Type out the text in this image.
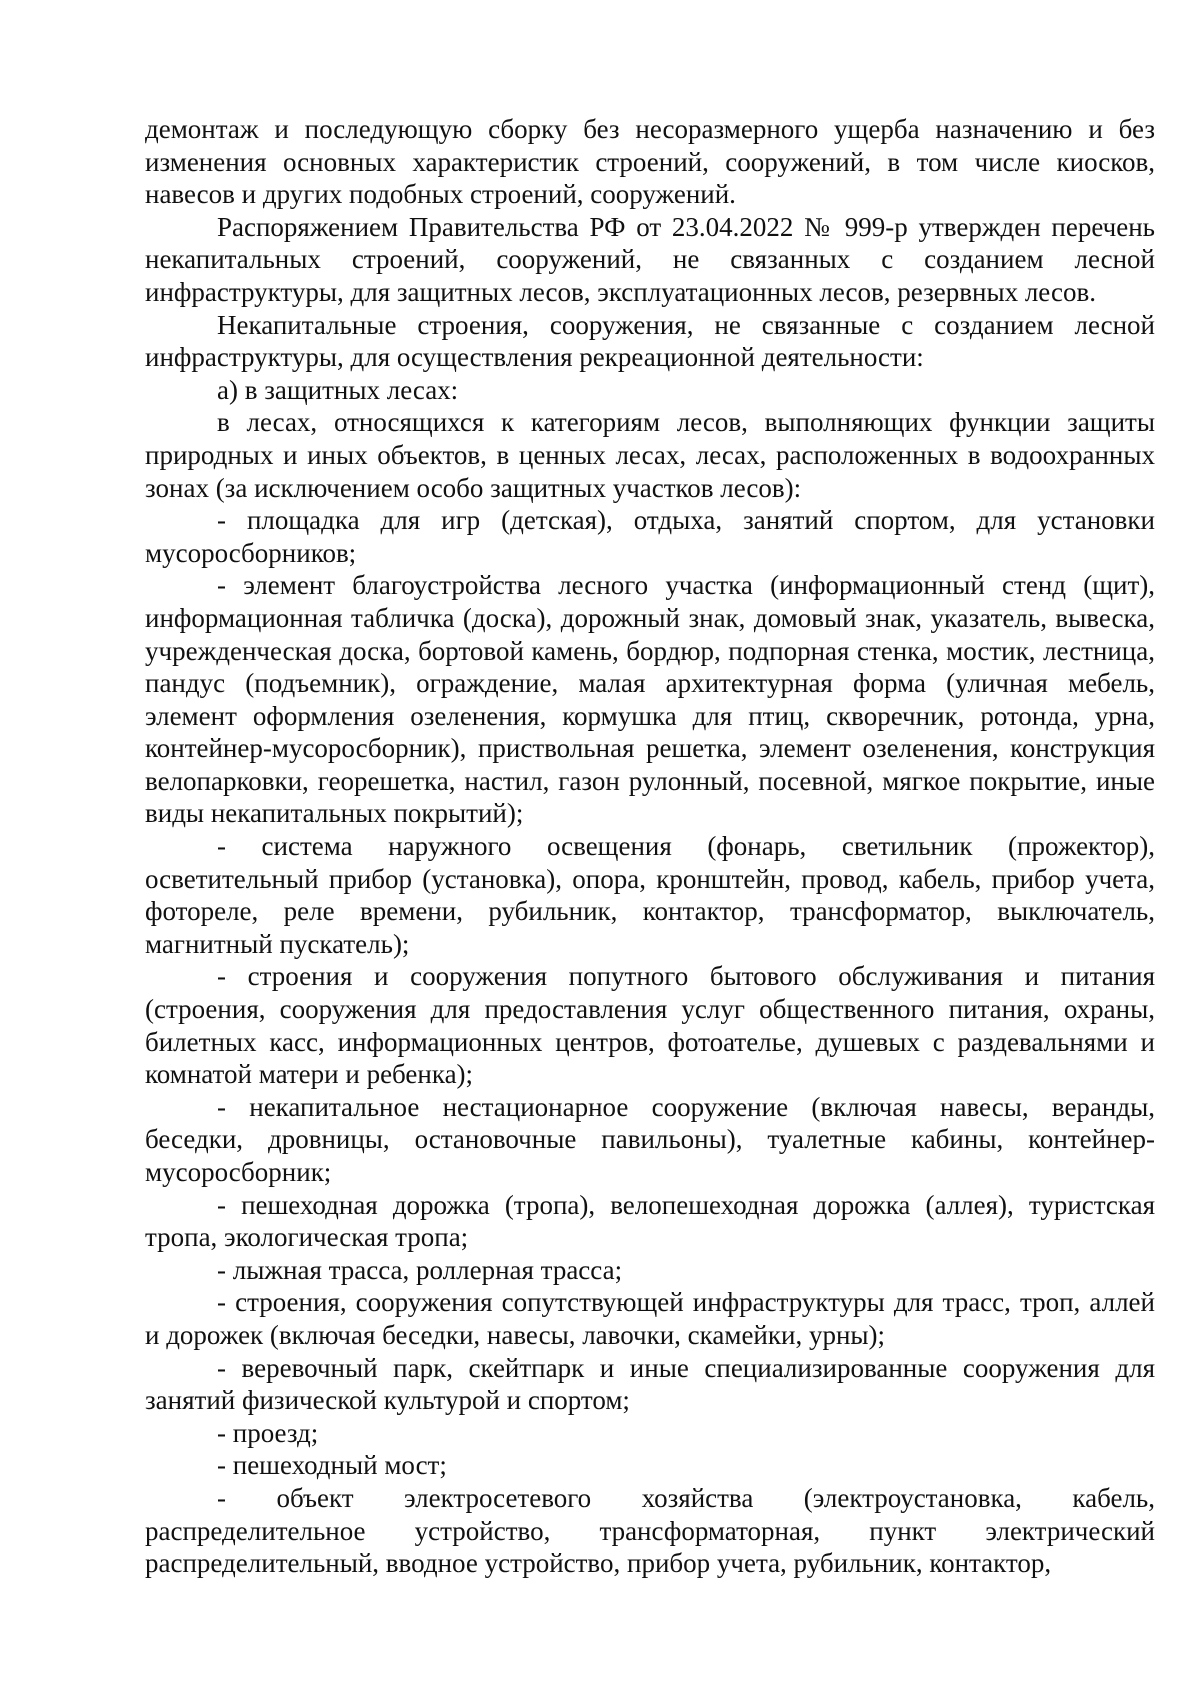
демонтаж и последующую сборку без несоразмерного ущерба назначению и без изменения основных характеристик строений, сооружений, в том числе киосков, навесов и других подобных строений, сооружений.

Распоряжением Правительства РФ от 23.04.2022 № 999-р утвержден перечень некапитальных строений, сооружений, не связанных с созданием лесной инфраструктуры, для защитных лесов, эксплуатационных лесов, резервных лесов.

Некапитальные строения, сооружения, не связанные с созданием лесной инфраструктуры, для осуществления рекреационной деятельности:

а) в защитных лесах:

в лесах, относящихся к категориям лесов, выполняющих функции защиты природных и иных объектов, в ценных лесах, лесах, расположенных в водоохранных зонах (за исключением особо защитных участков лесов):

- площадка для игр (детская), отдыха, занятий спортом, для установки мусоросборников;

- элемент благоустройства лесного участка (информационный стенд (щит), информационная табличка (доска), дорожный знак, домовый знак, указатель, вывеска, учрежденческая доска, бортовой камень, бордюр, подпорная стенка, мостик, лестница, пандус (подъемник), ограждение, малая архитектурная форма (уличная мебель, элемент оформления озеленения, кормушка для птиц, скворечник, ротонда, урна, контейнер-мусоросборник), приствольная решетка, элемент озеленения, конструкция велопарковки, георешетка, настил, газон рулонный, посевной, мягкое покрытие, иные виды некапитальных покрытий);

- система наружного освещения (фонарь, светильник (прожектор), осветительный прибор (установка), опора, кронштейн, провод, кабель, прибор учета, фотореле, реле времени, рубильник, контактор, трансформатор, выключатель, магнитный пускатель);

- строения и сооружения попутного бытового обслуживания и питания (строения, сооружения для предоставления услуг общественного питания, охраны, билетных касс, информационных центров, фотоателье, душевых с раздевальнями и комнатой матери и ребенка);

- некапитальное нестационарное сооружение (включая навесы, веранды, беседки, дровницы, остановочные павильоны), туалетные кабины, контейнер-мусоросборник;

- пешеходная дорожка (тропа), велопешеходная дорожка (аллея), туристская тропа, экологическая тропа;

- лыжная трасса, роллерная трасса;

- строения, сооружения сопутствующей инфраструктуры для трасс, троп, аллей и дорожек (включая беседки, навесы, лавочки, скамейки, урны);

- веревочный парк, скейтпарк и иные специализированные сооружения для занятий физической культурой и спортом;

- проезд;

- пешеходный мост;

- объект электросетевого хозяйства (электроустановка, кабель, распределительное устройство, трансформаторная, пункт электрический распределительный, вводное устройство, прибор учета, рубильник, контактор,
